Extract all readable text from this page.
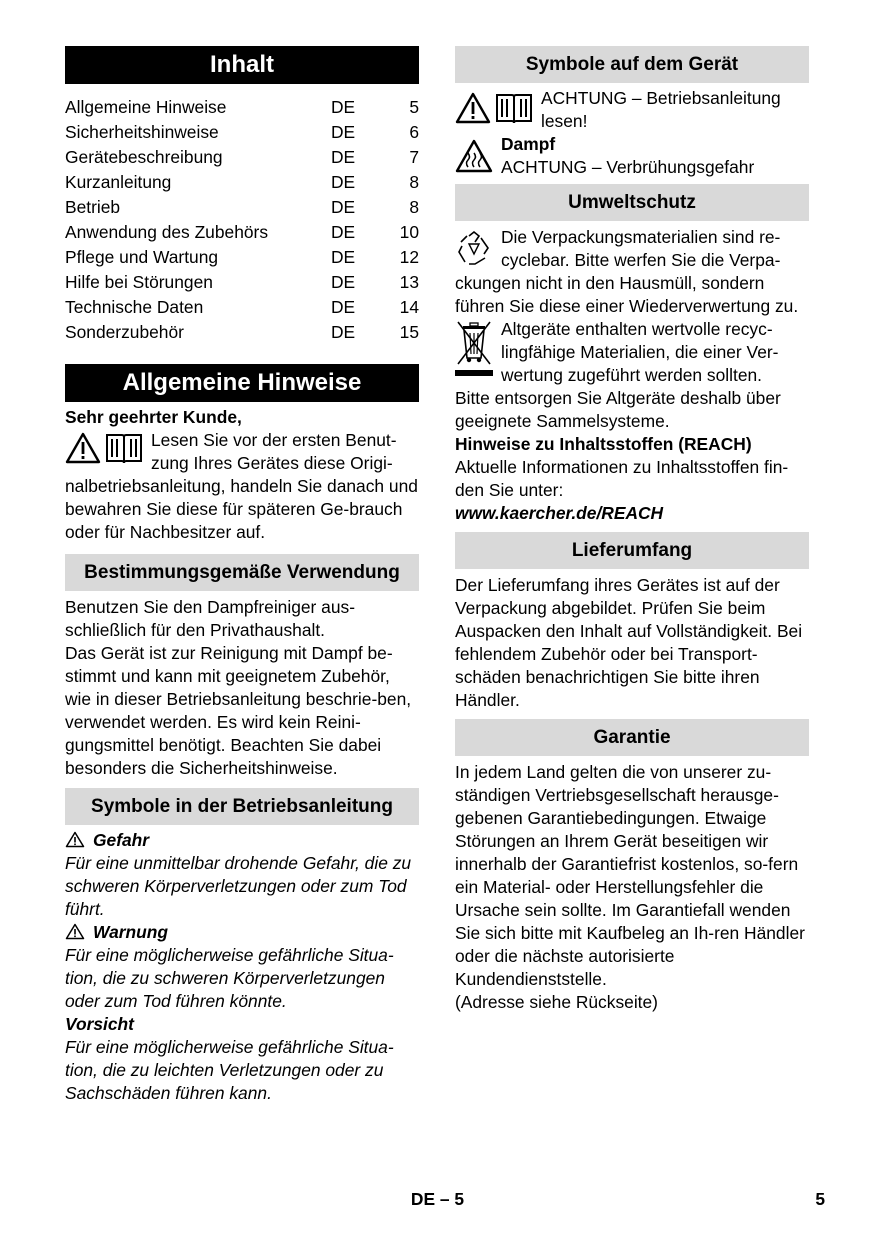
Inhalt
Allgemeine Hinweise	DE	5
Sicherheitshinweise	DE	6
Gerätebeschreibung	DE	7
Kurzanleitung	DE	8
Betrieb	DE	8
Anwendung des Zubehörs	DE	10
Pflege und Wartung	DE	12
Hilfe bei Störungen	DE	13
Technische Daten	DE	14
Sonderzubehör	DE	15
Allgemeine Hinweise

Sehr geehrter Kunde,

Lesen Sie vor der ersten Benut-
zung Ihres Gerätes diese Origi-
nalbetriebsanleitung, handeln Sie danach und bewahren Sie diese für späteren Ge-brauch oder für Nachbesitzer auf.
Bestimmungsgemäße Verwendung

Benutzen Sie den Dampfreiniger aus-schließlich für den Privathaushalt.

Das Gerät ist zur Reinigung mit Dampf be-stimmt und kann mit geeignetem Zubehör, wie in dieser Betriebsanleitung beschrie-ben, verwendet werden. Es wird kein Reini-gungsmittel benötigt. Beachten Sie dabei besonders die Sicherheitshinweise.

Symbole in der Betriebsanleitung

Gefahr

Für eine unmittelbar drohende Gefahr, die zu schweren Körperverletzungen oder zum Tod führt.

Warnung

Für eine möglicherweise gefährliche Situa-tion, die zu schweren Körperverletzungen oder zum Tod führen könnte.

Vorsicht

Für eine möglicherweise gefährliche Situa-tion, die zu leichten Verletzungen oder zu Sachschäden führen kann.

Symbole auf dem Gerät
ACHTUNG – Betriebsanleitung lesen!
Dampf
ACHTUNG – Verbrühungsgefahr
Umweltschutz
Die Verpackungsmaterialien sind re-
cyclebar. Bitte werfen Sie die Verpa-
ckungen nicht in den Hausmüll, sondern führen Sie diese einer Wiederverwertung zu.
Altgeräte enthalten wertvolle recyc-lingfähige Materialien, die einer Ver-wertung zugeführt werden sollten.

Bitte entsorgen Sie Altgeräte deshalb über geeignete Sammelsysteme.

Hinweise zu Inhaltsstoffen (REACH)

Aktuelle Informationen zu Inhaltsstoffen fin-den Sie unter:

www.kaercher.de/REACH

Lieferumfang

Der Lieferumfang ihres Gerätes ist auf der Verpackung abgebildet. Prüfen Sie beim Auspacken den Inhalt auf Vollständigkeit. Bei fehlendem Zubehör oder bei Transport-schäden benachrichtigen Sie bitte ihren Händler.

Garantie

In jedem Land gelten die von unserer zu-ständigen Vertriebsgesellschaft herausge-gebenen Garantiebedingungen. Etwaige Störungen an Ihrem Gerät beseitigen wir innerhalb der Garantiefrist kostenlos, so-fern ein Material- oder Herstellungsfehler die Ursache sein sollte. Im Garantiefall wenden Sie sich bitte mit Kaufbeleg an Ih-ren Händler oder die nächste autorisierte Kundendienststelle.

(Adresse siehe Rückseite)

DE – 5	5
